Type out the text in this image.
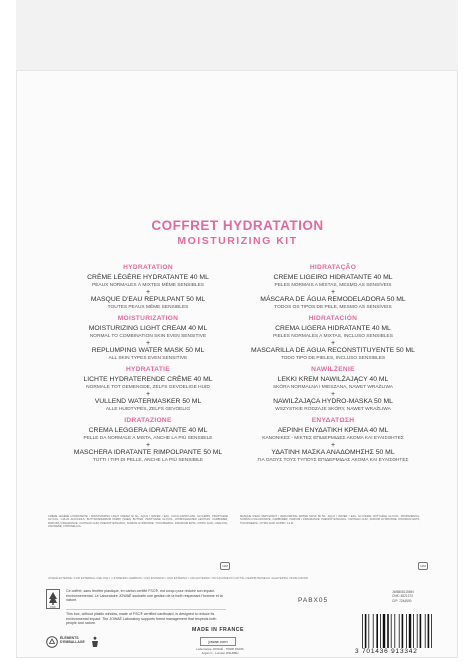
COFFRET HYDRATATION
MOISTURIZING KIT
HYDRATATION
CRÈME LÉGÈRE HYDRATANTE 40 ML
PEAUX NORMALES À MIXTES MÊME SENSIBLES
+
MASQUE D'EAU REPULPANT 50 ML
TOUTES PEAUX MÊME SENSIBLES
MOISTURIZATION
MOISTURIZING LIGHT CREAM 40 ML
NORMAL TO COMBINATION SKIN EVEN SENSITIVE
+
REPLUMPING WATER MASK 50 ML
ALL SKIN TYPES EVEN SENSITIVE
HYDRATATIE
LICHTE HYDRATERENDE CRÈME 40 ML
NORMALE TOT GEMENGDE, ZELFS GEVOELIGE HUID
+
VULLEND WATERMASKER 50 ML
ALLE HUIDTYPES, ZELFS GEVOELIG
IDRATAZIONE
CREMA LEGGERA IDRATANTE 40 ML
PELLE DA NORMALE A MISTA, ANCHE LA PIÙ SENSIBILE
+
MASCHERA IDRATANTE RIMPOLPANTE 50 ML
TUTTI I TIPI DI PELLE, ANCHE LA PIÙ SENSIBILE
HIDRATAÇÃO
CREME LIGEIRO HIDRATANTE 40 ML
PELES NORMAIS A MISTAS, MESMO AS SENSÍVEIS
+
MÁSCARA DE ÁGUA REMODELADORA 50 ML
TODOS OS TIPOS DE PELE, MESMO AS SENSÍVEIS
HIDRATACIÓN
CREMA LIGERA HIDRATANTE 40 ML
PIELES NORMALES A MIXTAS, INCLUSO SENSIBLES
+
MASCARILLA DE AGUA RECONSTITUYENTE 50 ML
TODO TIPO DE PIELES, INCLUSO SENSIBLES
NAWILŻENIE
LEKKI KREM NAWILŻAJĄCY 40 ML
SKÓRA NORMALNA I MIESZANA, NAWET WRAŻLIWA
+
NAWILŻAJĄCA HYDRO-MASKA 50 ML
WSZYSTKIE RODZAJE SKÓRY, NAWET WRAŻLIWA
ΕΝΥΔΑΤΩΣΗ
ΑΕΡΙΝΗ ΕΝΥΔΑΤΙΚΗ ΚΡΕΜΑ 40 ML
ΚΑΝΟΝΙΚΕΣ - ΜΙΚΤΕΣ ΕΠΙΔΕΡΜΙΔΕΣ ΑΚΟΜΑ ΚΑΙ ΕΥΑΙΣΘΗΤΕΣ
+
ΥΔΑΤΙΝΗ ΜΑΣΚΑ ΑΝΑΔΟΜΗΣΗΣ 50 ML
ΓΙΑ ΟΛΟΥΣ ΤΟΥΣ ΤΥΠΟΥΣ ΕΠΙΔΕΡΜΙΔΑΣ ΑΚΟΜΑ ΚΑΙ ΕΥΑΙΣΘΗΤΕΣ
CRÈME LÉGÈRE HYDRATANTE / MOISTURIZING LIGHT CREAM 40 ML: AQUA / WATER / EAU, COCO-CAPRYLATE, GLYCERIN, PROPYLENE GLYCOL, C14-22 ALCOHOLS, BUTYROSPERMUM PARKII (SHEA) BUTTER, PENTYLENE GLYCOL, HYDROGENATED LECITHIN, CARBOMER, PARFUM / FRAGRANCE, XANTHAN GUM, PHENOXYETHANOL, SODIUM HYDROXIDE, TOCOPHEROL, DISODIUM EDTA, CITRIC ACID, LINALOOL, LIMONENE, CITRONELLOL.
MASQUE D'EAU REPULPANT / REPLUMPING WATER MASK 50 ML: AQUA / WATER / EAU, GLYCERIN, BUTYLENE GLYCOL, PROPANEDIOL, SODIUM HYALURONATE, CARBOMER, PARFUM / FRAGRANCE, PHENOXYETHANOL, XANTHAN GUM, SODIUM HYDROXIDE, DISODIUM EDTA, TOCOPHEROL, CITRIC ACID. EXPIRY: 12 M.
12M	12M
JOWAÉ EXTERNE / FOR EXTERNAL USE ONLY / UITWENDIG GEBRUIK / USO ESTERNO / USO EXTERNO / USO EXTERNO / WYŁĄCZNIE DO UŻYTKU ZEWNĘTRZNEGO / ΕΞΩΤΕΡΙΚΗ ΧΡΗΣΗ ΜΟΝΟ
FSC
Ce coffret, sans fenêtre plastique, en carton certifié FSC®, est conçu pour réduire son impact environnemental. Le Laboratoire JOWAÉ souhaite une gestion de la forêt respectant l'homme et la nature.
This box, without plastic window, made of FSC® certified cardboard, is designed to reduce its environmental impact. The JOWAÉ Laboratory supports forest management that respects both people and nature.
ÉLÉMENTS
D'EMBALLAGE
PABX05
MADE IN FRANCE
jowae.com
Laboratoire JOWAÉ - 75008 PARIS
Argan C., London W1H0BH
JW5808115MN
CNK: 4521373
CIP: 7244590
3 701436 913342
